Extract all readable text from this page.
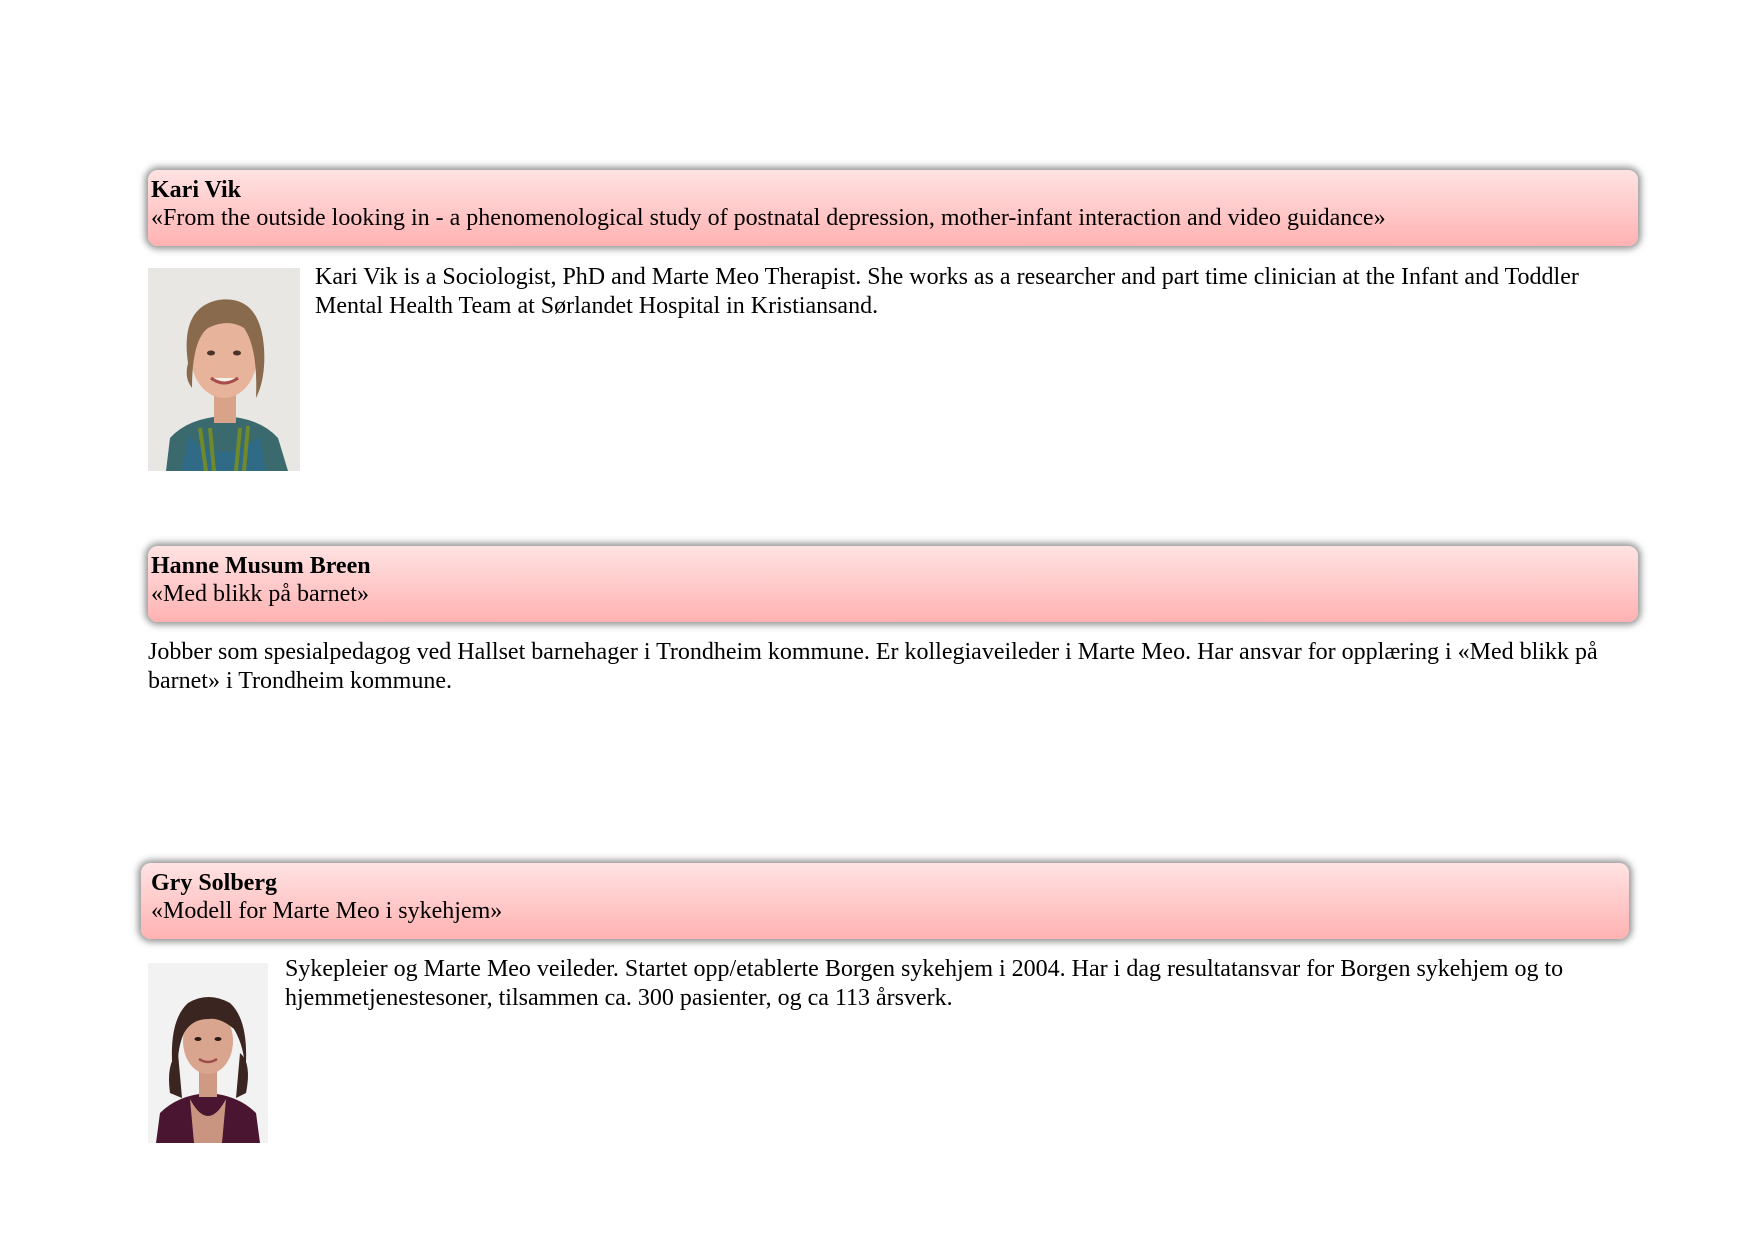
Kari Vik
«From the outside looking in - a phenomenological study of postnatal depression, mother-infant interaction and video guidance»
Kari Vik is a Sociologist, PhD and Marte Meo Therapist. She works as a researcher and part time clinician at the Infant and Toddler Mental Health Team at Sørlandet Hospital in Kristiansand.
Hanne Musum Breen
«Med blikk på barnet»
Jobber som spesialpedagog ved Hallset barnehager i Trondheim kommune. Er kollegiaveileder i Marte Meo. Har ansvar for opplæring i «Med blikk på barnet» i Trondheim kommune.
Gry Solberg
«Modell for Marte Meo i sykehjem»
Sykepleier og Marte Meo veileder. Startet opp/etablerte Borgen sykehjem i 2004. Har i dag resultatansvar for Borgen sykehjem og to hjemmetjenestesoner, tilsammen ca. 300 pasienter, og ca 113 årsverk.
